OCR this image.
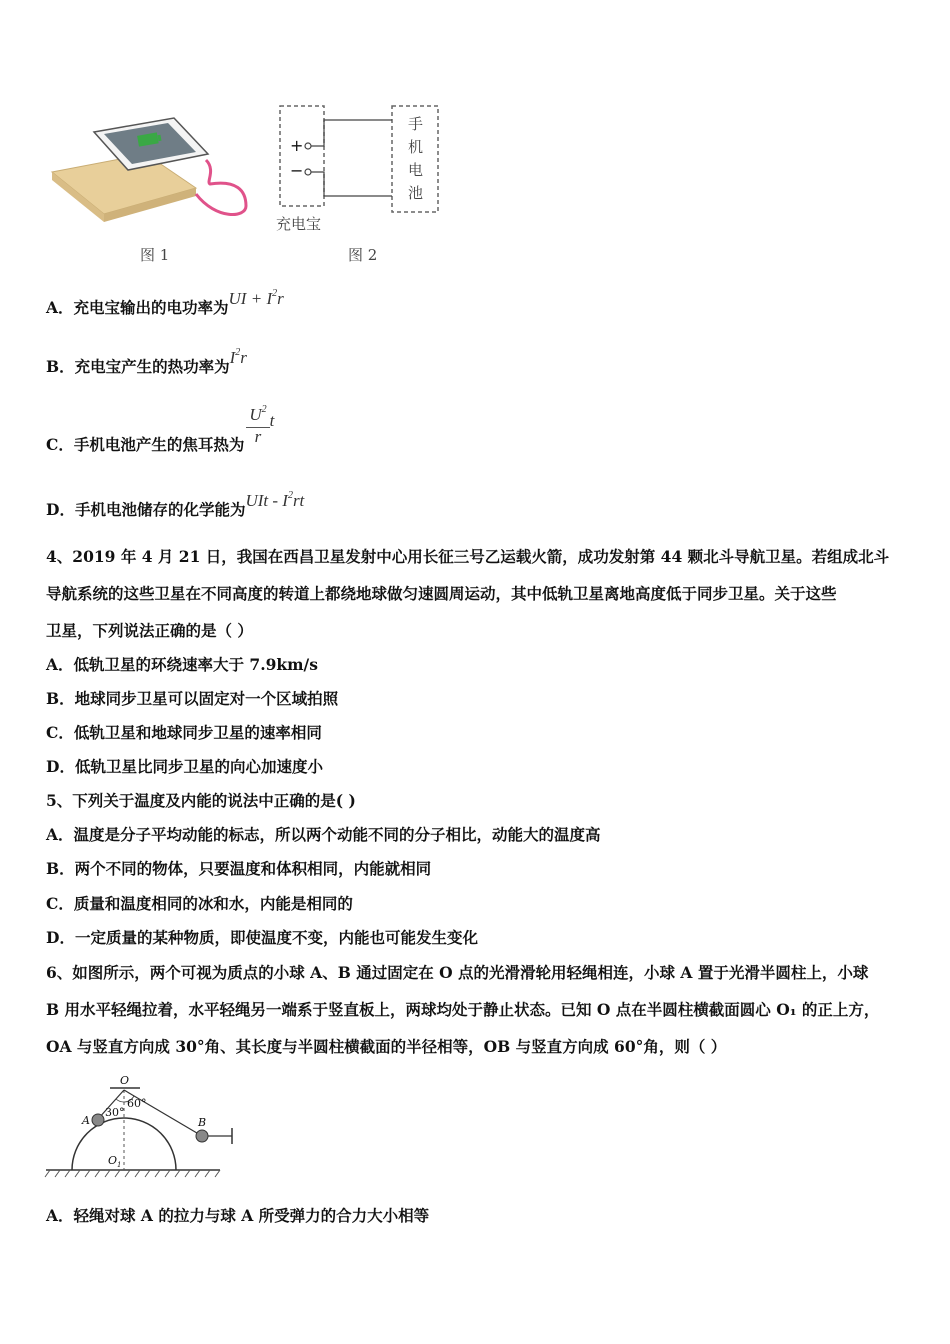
图 1
+
−
充电宝
手
机
电
池
图 2
A．充电宝输出的电功率为UI + $I^2r$
B．充电宝产生的热功率为$I^2r$
C．手机电池产生的焦耳热为 $\frac{U^2}{r}$ t
D．手机电池储存的化学能为UIt - $I^2rt$
4、2019 年 4 月 21 日，我国在西昌卫星发射中心用长征三号乙运载火箭，成功发射第 44 颗北斗导航卫星。若组成北斗
导航系统的这些卫星在不同高度的转道上都绕地球做匀速圆周运动，其中低轨卫星离地高度低于同步卫星。关于这些
卫星，下列说法正确的是（ ）
A．低轨卫星的环绕速率大于 7.9km/s
B．地球同步卫星可以固定对一个区域拍照
C．低轨卫星和地球同步卫星的速率相同
D．低轨卫星比同步卫星的向心加速度小
5、下列关于温度及内能的说法中正确的是( )
A．温度是分子平均动能的标志，所以两个动能不同的分子相比，动能大的温度高
B．两个不同的物体，只要温度和体积相同，内能就相同
C．质量和温度相同的冰和水，内能是相同的
D．一定质量的某种物质，即使温度不变，内能也可能发生变化
6、如图所示，两个可视为质点的小球 A、B 通过固定在 O 点的光滑滑轮用轻绳相连，小球 A 置于光滑半圆柱上，小球
B 用水平轻绳拉着，水平轻绳另一端系于竖直板上，两球均处于静止状态。已知 O 点在半圆柱横截面圆心 O₁ 的正上方，
OA 与竖直方向成 30°角、其长度与半圆柱横截面的半径相等，OB 与竖直方向成 60°角，则（ ）
O
A	B
$O_1$
30°
60°
A．轻绳对球 A 的拉力与球 A 所受弹力的合力大小相等
